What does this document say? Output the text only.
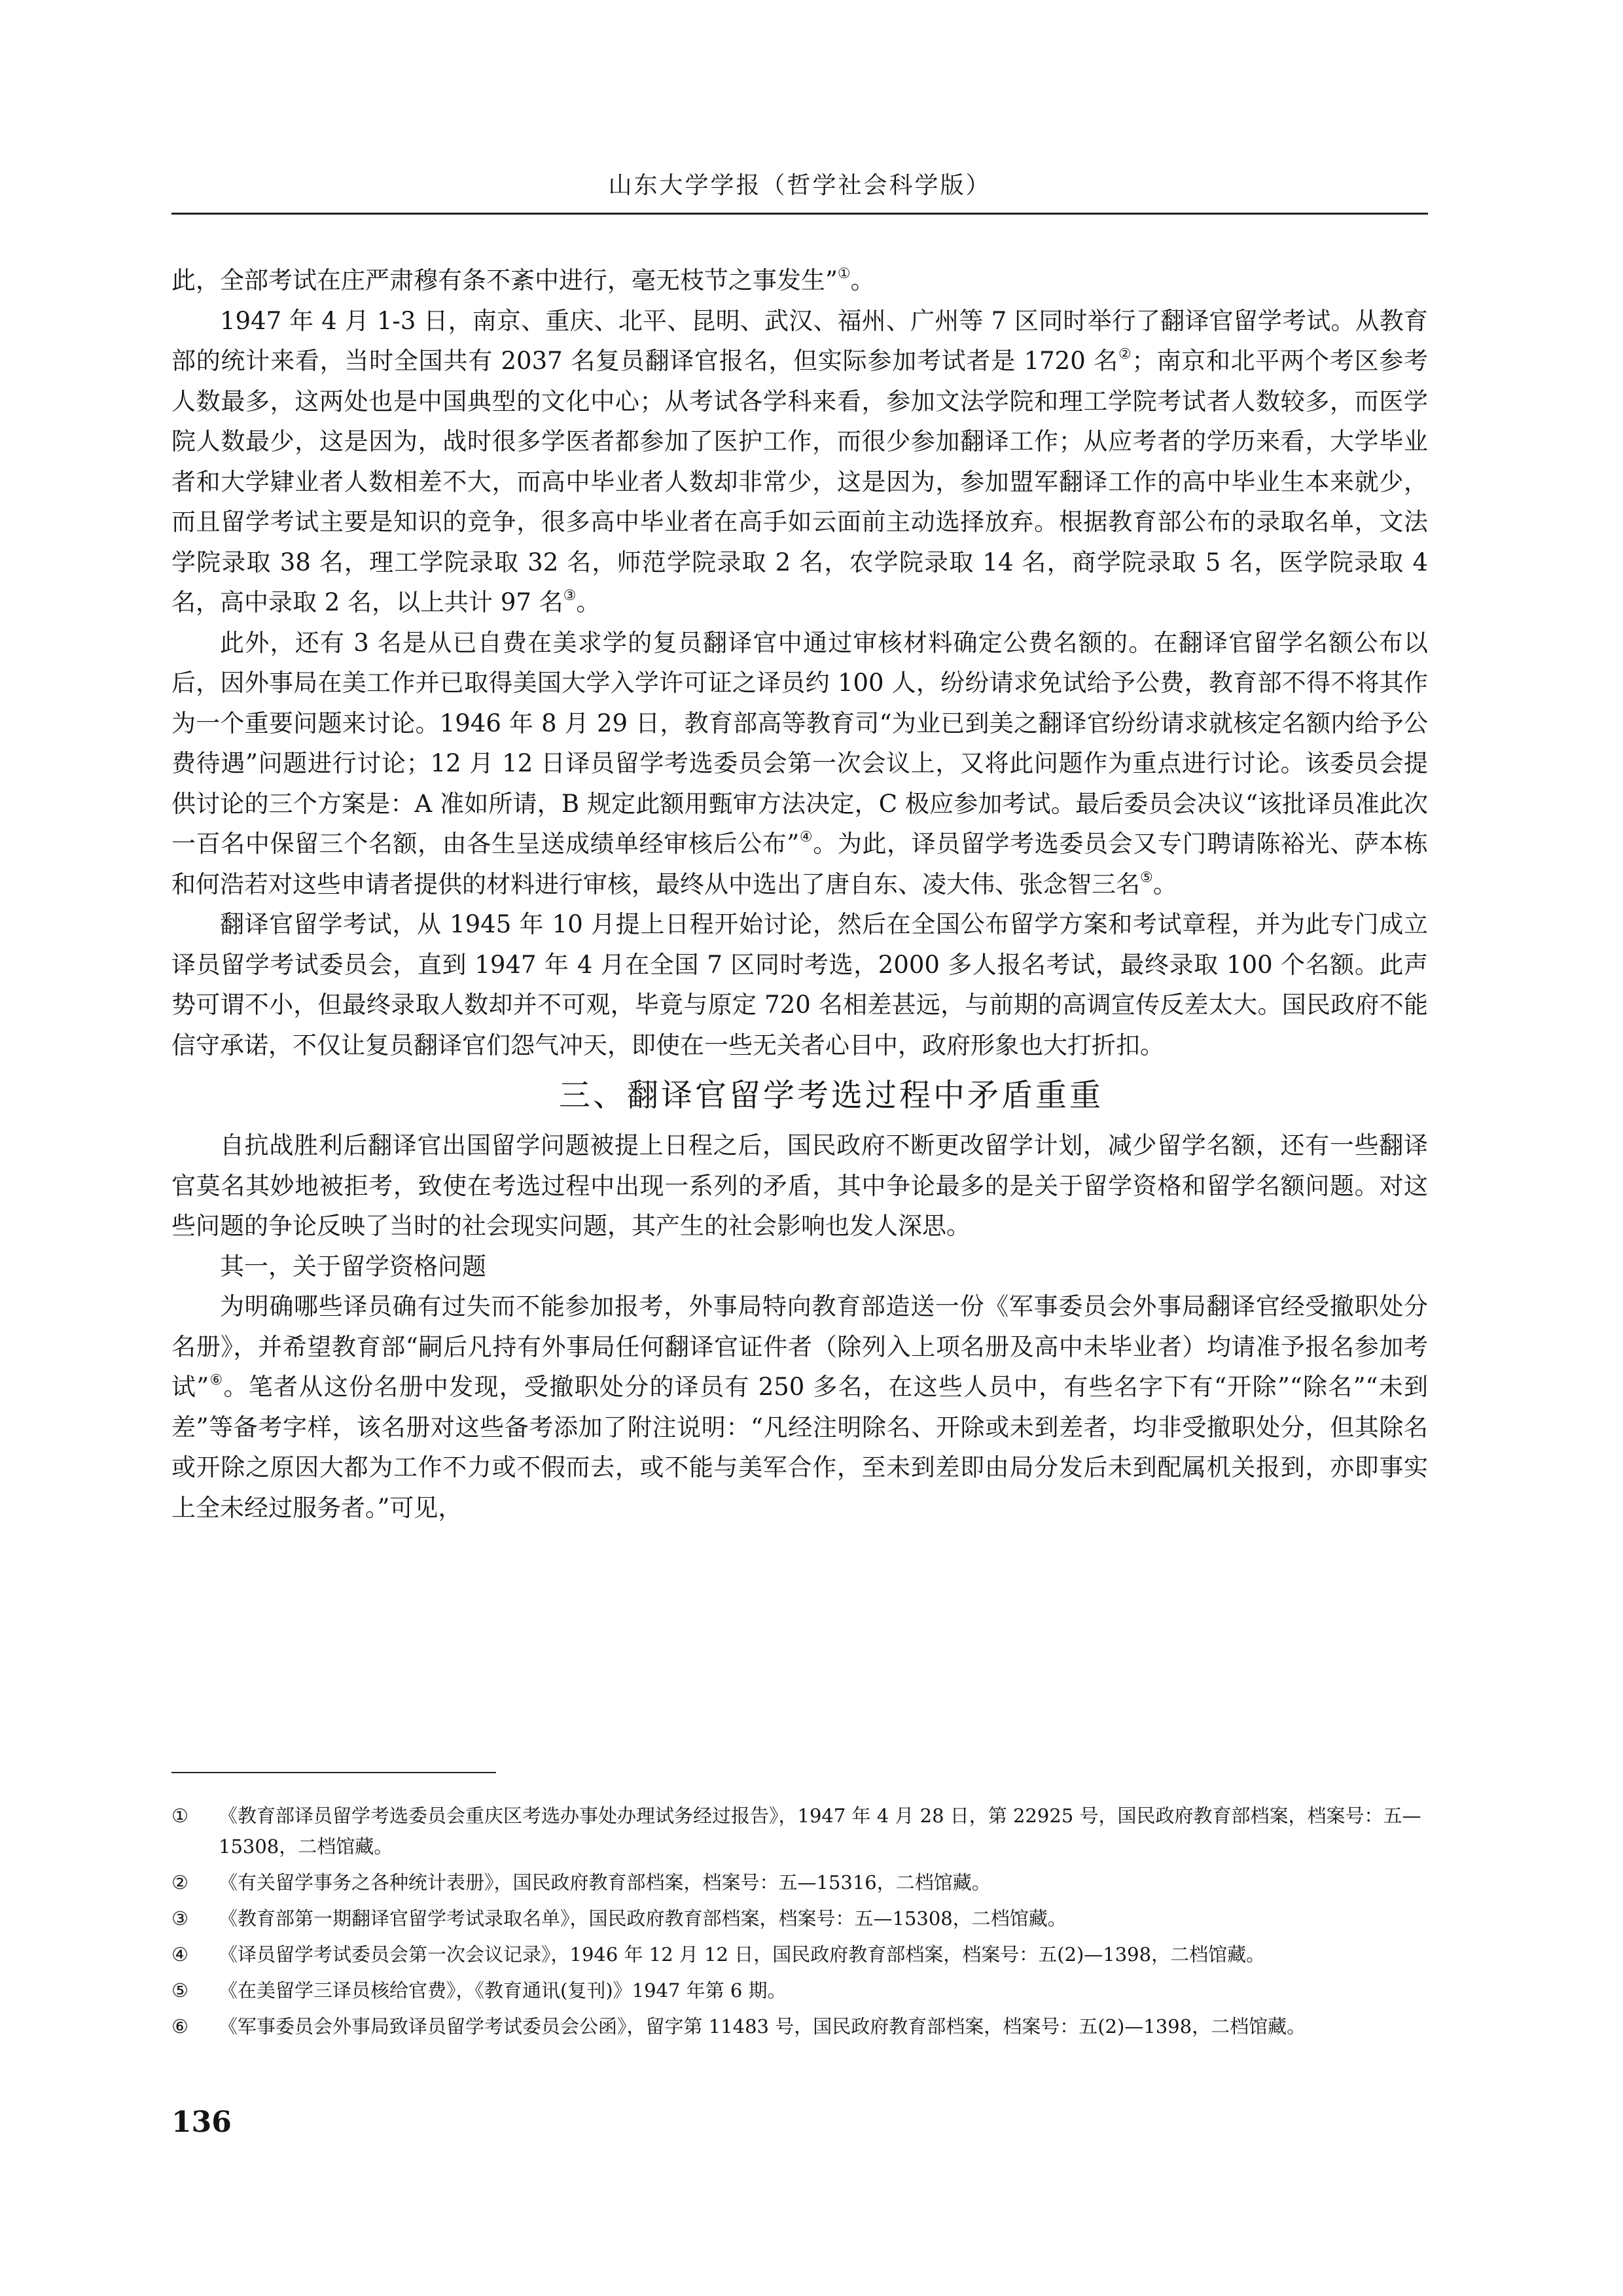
山东大学学报（哲学社会科学版）

此，全部考试在庄严肃穆有条不紊中进行，毫无枝节之事发生”①。

1947 年 4 月 1-3 日，南京、重庆、北平、昆明、武汉、福州、广州等 7 区同时举行了翻译官留学考试。从教育部的统计来看，当时全国共有 2037 名复员翻译官报名，但实际参加考试者是 1720 名②；南京和北平两个考区参考人数最多，这两处也是中国典型的文化中心；从考试各学科来看，参加文法学院和理工学院考试者人数较多，而医学院人数最少，这是因为，战时很多学医者都参加了医护工作，而很少参加翻译工作；从应考者的学历来看，大学毕业者和大学肄业者人数相差不大，而高中毕业者人数却非常少，这是因为，参加盟军翻译工作的高中毕业生本来就少，而且留学考试主要是知识的竞争，很多高中毕业者在高手如云面前主动选择放弃。根据教育部公布的录取名单，文法学院录取 38 名，理工学院录取 32 名，师范学院录取 2 名，农学院录取 14 名，商学院录取 5 名，医学院录取 4 名，高中录取 2 名，以上共计 97 名③。

此外，还有 3 名是从已自费在美求学的复员翻译官中通过审核材料确定公费名额的。在翻译官留学名额公布以后，因外事局在美工作并已取得美国大学入学许可证之译员约 100 人，纷纷请求免试给予公费，教育部不得不将其作为一个重要问题来讨论。1946 年 8 月 29 日，教育部高等教育司“为业已到美之翻译官纷纷请求就核定名额内给予公费待遇”问题进行讨论；12 月 12 日译员留学考选委员会第一次会议上，又将此问题作为重点进行讨论。该委员会提供讨论的三个方案是：A 准如所请，B 规定此额用甄审方法决定，C 极应参加考试。最后委员会决议“该批译员准此次一百名中保留三个名额，由各生呈送成绩单经审核后公布”④。为此，译员留学考选委员会又专门聘请陈裕光、萨本栋和何浩若对这些申请者提供的材料进行审核，最终从中选出了唐自东、凌大伟、张念智三名⑤。

翻译官留学考试，从 1945 年 10 月提上日程开始讨论，然后在全国公布留学方案和考试章程，并为此专门成立译员留学考试委员会，直到 1947 年 4 月在全国 7 区同时考选，2000 多人报名考试，最终录取 100 个名额。此声势可谓不小，但最终录取人数却并不可观，毕竟与原定 720 名相差甚远，与前期的高调宣传反差太大。国民政府不能信守承诺，不仅让复员翻译官们怨气冲天，即使在一些无关者心目中，政府形象也大打折扣。

三、翻译官留学考选过程中矛盾重重

自抗战胜利后翻译官出国留学问题被提上日程之后，国民政府不断更改留学计划，减少留学名额，还有一些翻译官莫名其妙地被拒考，致使在考选过程中出现一系列的矛盾，其中争论最多的是关于留学资格和留学名额问题。对这些问题的争论反映了当时的社会现实问题，其产生的社会影响也发人深思。

其一，关于留学资格问题

为明确哪些译员确有过失而不能参加报考，外事局特向教育部造送一份《军事委员会外事局翻译官经受撤职处分名册》，并希望教育部“嗣后凡持有外事局任何翻译官证件者（除列入上项名册及高中未毕业者）均请准予报名参加考试”⑥。笔者从这份名册中发现，受撤职处分的译员有 250 多名，在这些人员中，有些名字下有“开除”“除名”“未到差”等备考字样，该名册对这些备考添加了附注说明：“凡经注明除名、开除或未到差者，均非受撤职处分，但其除名或开除之原因大都为工作不力或不假而去，或不能与美军合作，至未到差即由局分发后未到配属机关报到，亦即事实上全未经过服务者。”可见，

①	《教育部译员留学考选委员会重庆区考选办事处办理试务经过报告》，1947 年 4 月 28 日，第 22925 号，国民政府教育部档案，档案号：五—15308，二档馆藏。
②	《有关留学事务之各种统计表册》，国民政府教育部档案，档案号：五—15316，二档馆藏。
③	《教育部第一期翻译官留学考试录取名单》，国民政府教育部档案，档案号：五—15308，二档馆藏。
④	《译员留学考试委员会第一次会议记录》，1946 年 12 月 12 日，国民政府教育部档案，档案号：五(2)—1398，二档馆藏。
⑤	《在美留学三译员核给官费》，《教育通讯(复刊)》1947 年第 6 期。
⑥	《军事委员会外事局致译员留学考试委员会公函》，留字第 11483 号，国民政府教育部档案，档案号：五(2)—1398，二档馆藏。
136
